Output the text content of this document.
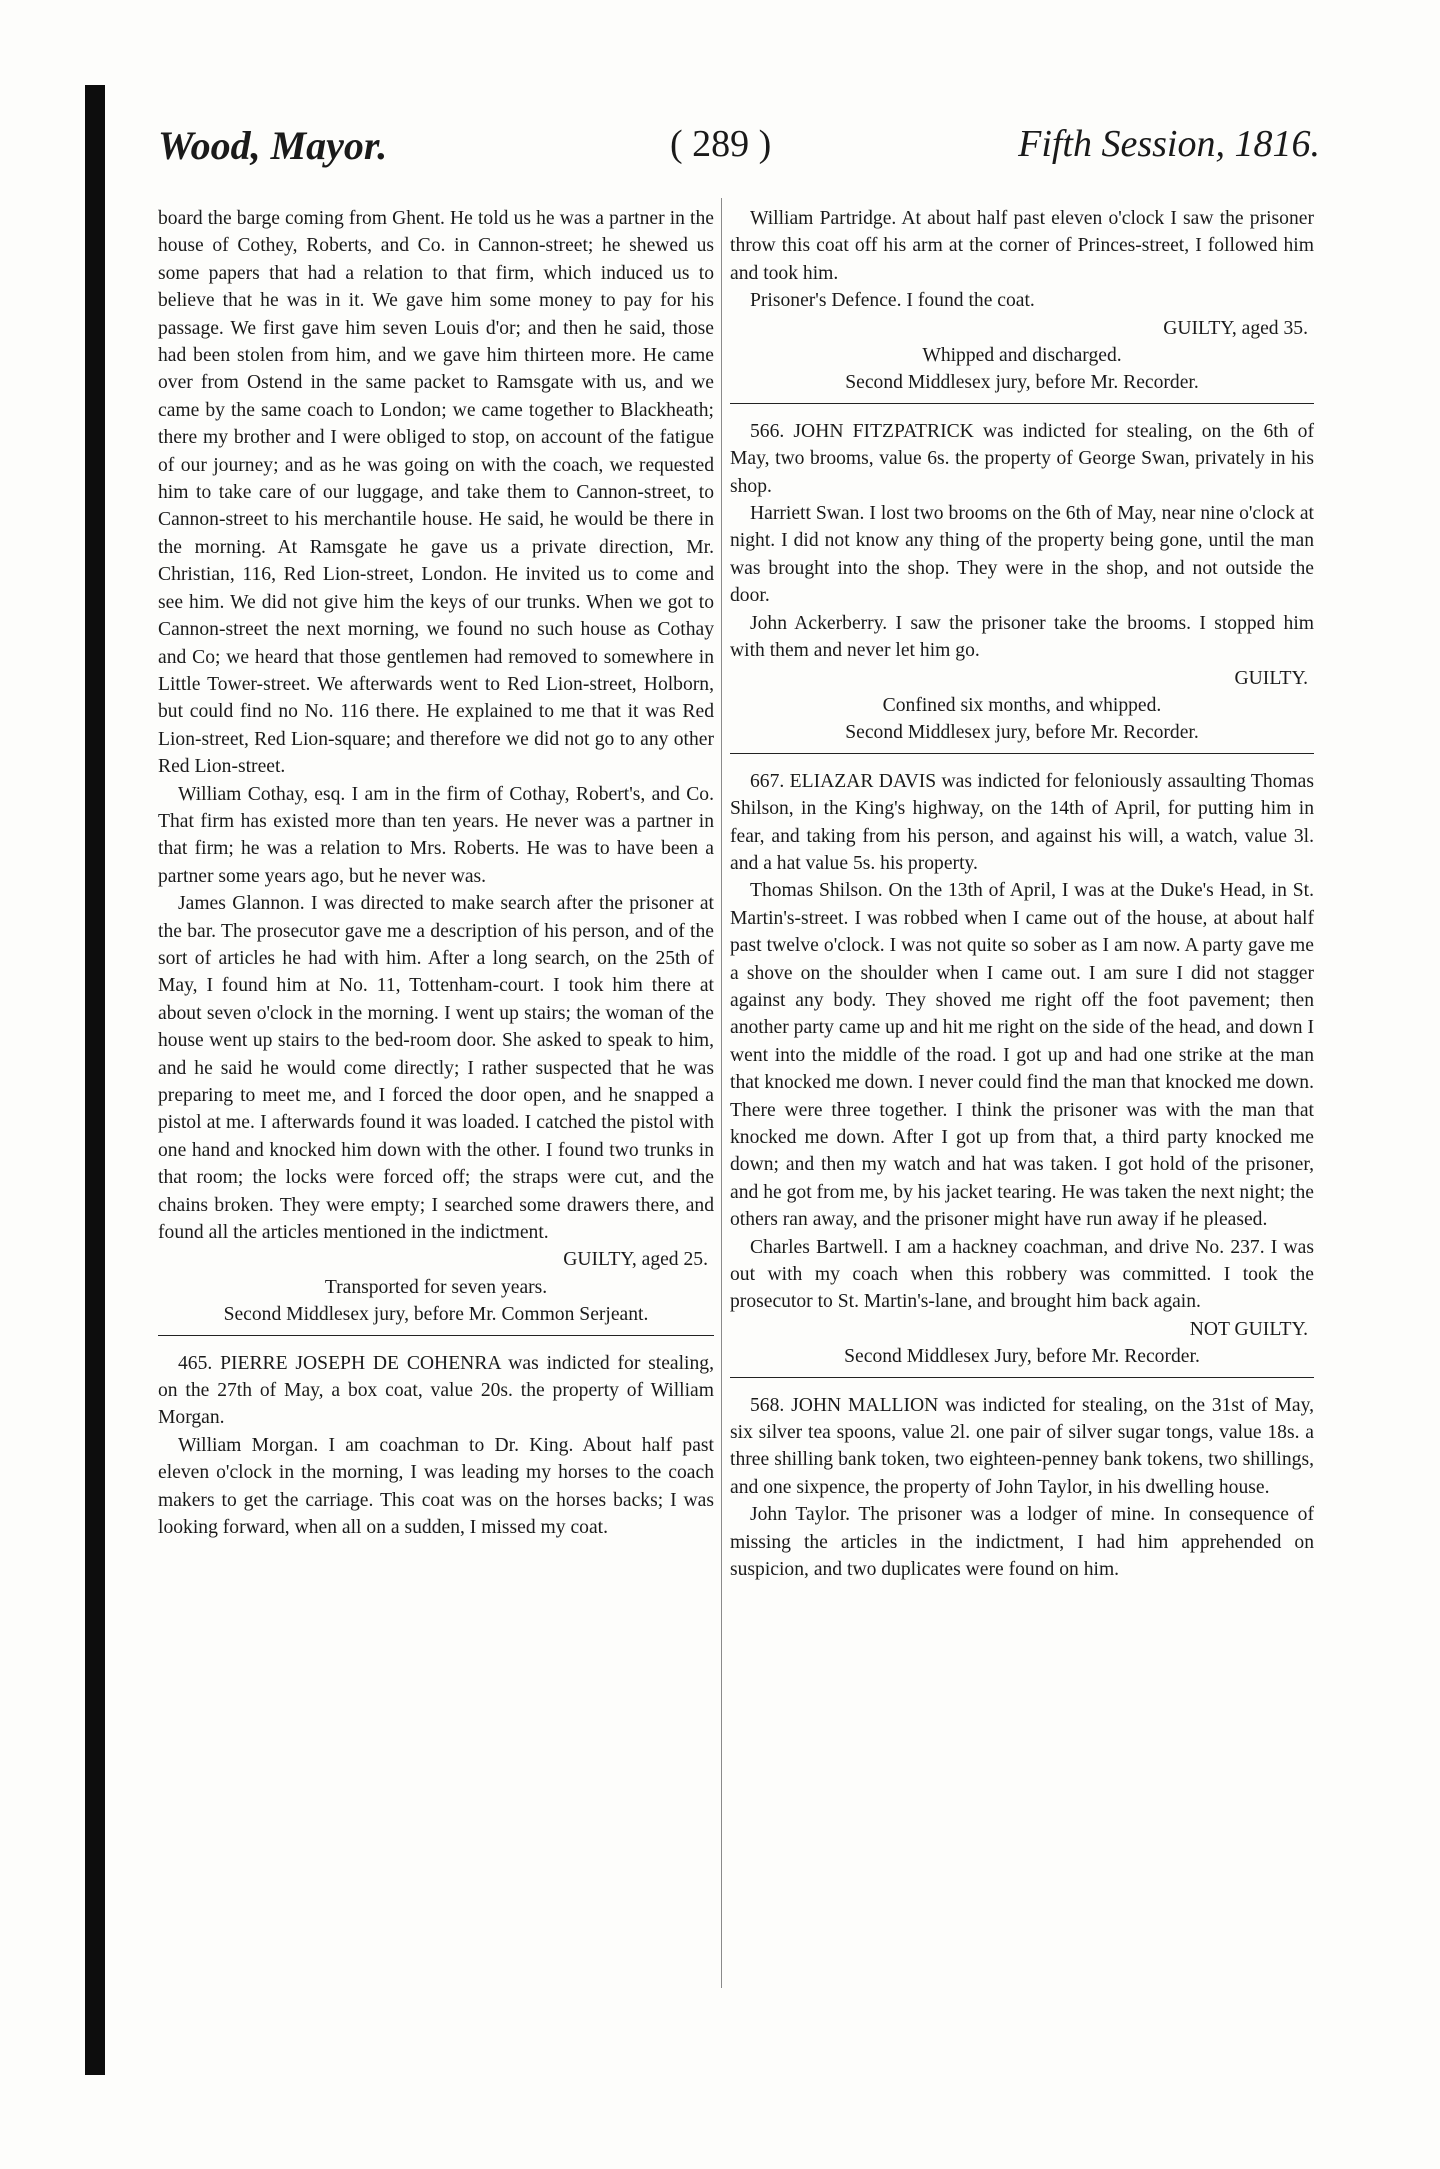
Wood, Mayor.	( 289 )	Fifth Session, 1816.

board the barge coming from Ghent. He told us he was a partner in the house of Cothey, Roberts, and Co. in Cannon-street; he shewed us some papers that had a relation to that firm, which induced us to believe that he was in it. We gave him some money to pay for his passage. We first gave him seven Louis d'or; and then he said, those had been stolen from him, and we gave him thirteen more. He came over from Ostend in the same packet to Ramsgate with us, and we came by the same coach to London; we came together to Blackheath; there my brother and I were obliged to stop, on account of the fatigue of our journey; and as he was going on with the coach, we requested him to take care of our luggage, and take them to Cannon-street, to Cannon-street to his merchantile house. He said, he would be there in the morning. At Ramsgate he gave us a private direction, Mr. Christian, 116, Red Lion-street, London. He invited us to come and see him. We did not give him the keys of our trunks. When we got to Cannon-street the next morning, we found no such house as Cothay and Co; we heard that those gentlemen had removed to somewhere in Little Tower-street. We afterwards went to Red Lion-street, Holborn, but could find no No. 116 there. He explained to me that it was Red Lion-street, Red Lion-square; and therefore we did not go to any other Red Lion-street.

William Cothay, esq. I am in the firm of Cothay, Robert's, and Co. That firm has existed more than ten years. He never was a partner in that firm; he was a relation to Mrs. Roberts. He was to have been a partner some years ago, but he never was.

James Glannon. I was directed to make search after the prisoner at the bar. The prosecutor gave me a description of his person, and of the sort of articles he had with him. After a long search, on the 25th of May, I found him at No. 11, Tottenham-court. I took him there at about seven o'clock in the morning. I went up stairs; the woman of the house went up stairs to the bed-room door. She asked to speak to him, and he said he would come directly; I rather suspected that he was preparing to meet me, and I forced the door open, and he snapped a pistol at me. I afterwards found it was loaded. I catched the pistol with one hand and knocked him down with the other. I found two trunks in that room; the locks were forced off; the straps were cut, and the chains broken. They were empty; I searched some drawers there, and found all the articles mentioned in the indictment.

GUILTY, aged 25.

Transported for seven years.

Second Middlesex jury, before Mr. Common Serjeant.

465. PIERRE JOSEPH DE COHENRA was indicted for stealing, on the 27th of May, a box coat, value 20s. the property of William Morgan.

William Morgan. I am coachman to Dr. King. About half past eleven o'clock in the morning, I was leading my horses to the coach makers to get the carriage. This coat was on the horses backs; I was looking forward, when all on a sudden, I missed my coat.

William Partridge. At about half past eleven o'clock I saw the prisoner throw this coat off his arm at the corner of Princes-street, I followed him and took him.

Prisoner's Defence. I found the coat.

GUILTY, aged 35.

Whipped and discharged.

Second Middlesex jury, before Mr. Recorder.

566. JOHN FITZPATRICK was indicted for stealing, on the 6th of May, two brooms, value 6s. the property of George Swan, privately in his shop.

Harriett Swan. I lost two brooms on the 6th of May, near nine o'clock at night. I did not know any thing of the property being gone, until the man was brought into the shop. They were in the shop, and not outside the door.

John Ackerberry. I saw the prisoner take the brooms. I stopped him with them and never let him go.

GUILTY.

Confined six months, and whipped.

Second Middlesex jury, before Mr. Recorder.

667. ELIAZAR DAVIS was indicted for feloniously assaulting Thomas Shilson, in the King's highway, on the 14th of April, for putting him in fear, and taking from his person, and against his will, a watch, value 3l. and a hat value 5s. his property.

Thomas Shilson. On the 13th of April, I was at the Duke's Head, in St. Martin's-street. I was robbed when I came out of the house, at about half past twelve o'clock. I was not quite so sober as I am now. A party gave me a shove on the shoulder when I came out. I am sure I did not stagger against any body. They shoved me right off the foot pavement; then another party came up and hit me right on the side of the head, and down I went into the middle of the road. I got up and had one strike at the man that knocked me down. I never could find the man that knocked me down. There were three together. I think the prisoner was with the man that knocked me down. After I got up from that, a third party knocked me down; and then my watch and hat was taken. I got hold of the prisoner, and he got from me, by his jacket tearing. He was taken the next night; the others ran away, and the prisoner might have run away if he pleased.

Charles Bartwell. I am a hackney coachman, and drive No. 237. I was out with my coach when this robbery was committed. I took the prosecutor to St. Martin's-lane, and brought him back again.

NOT GUILTY.

Second Middlesex Jury, before Mr. Recorder.

568. JOHN MALLION was indicted for stealing, on the 31st of May, six silver tea spoons, value 2l. one pair of silver sugar tongs, value 18s. a three shilling bank token, two eighteen-penney bank tokens, two shillings, and one sixpence, the property of John Taylor, in his dwelling house.

John Taylor. The prisoner was a lodger of mine. In consequence of missing the articles in the indictment, I had him apprehended on suspicion, and two duplicates were found on him.
